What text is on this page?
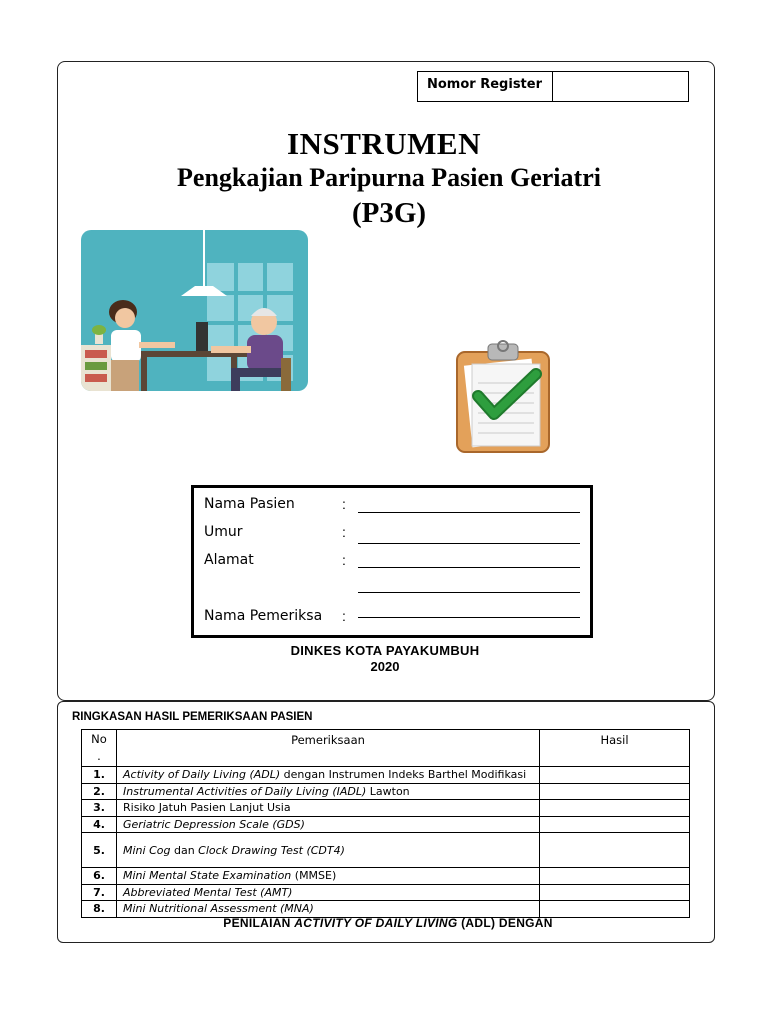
Nomor Register
INSTRUMEN
Pengkajian Paripurna Pasien Geriatri
(P3G)
Nama Pasien	:
Umur	:
Alamat	:
Nama Pemeriksa :
DINKES KOTA PAYAKUMBUH
2020
RINGKASAN HASIL PEMERIKSAAN PASIEN
No
.	Pemeriksaan	Hasil
1.	Activity of Daily Living (ADL) dengan Instrumen Indeks Barthel Modifikasi	
2.	Instrumental Activities of Daily Living (IADL) Lawton	
3.	Risiko Jatuh Pasien Lanjut Usia	
4.	Geriatric Depression Scale (GDS)	
5.	Mini Cog dan Clock Drawing Test (CDT4)	
6.	Mini Mental State Examination (MMSE)	
7.	Abbreviated Mental Test (AMT)	
8.	Mini Nutritional Assessment (MNA)	
PENILAIAN ACTIVITY OF DAILY LIVING (ADL) DENGAN
